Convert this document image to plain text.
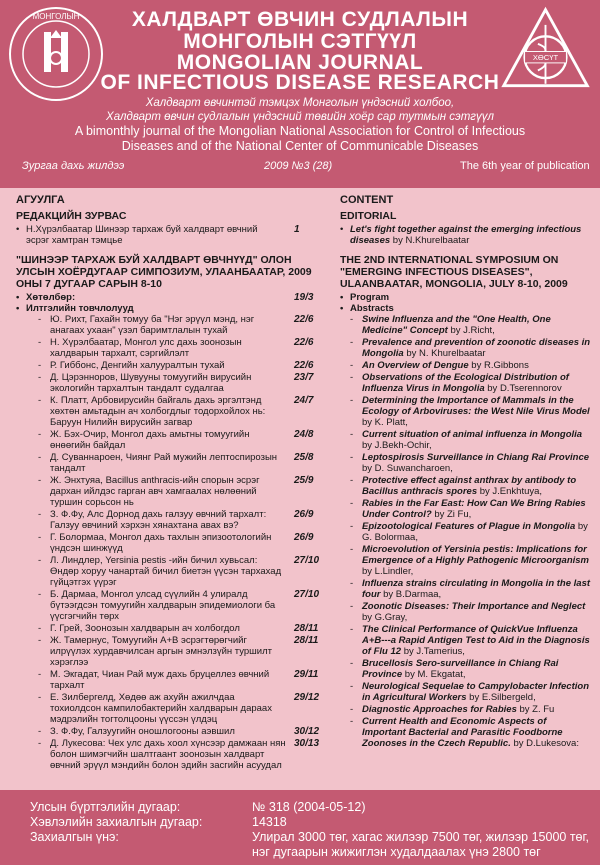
МОНГОЛЫН	ХАЛДВАРТ ӨВЧИН СУДЛАЛЫН
МОНГОЛЫН СЭТГҮҮЛ
MONGOLIAN JOURNAL
OF INFECTIOUS DISEASE RESEARCH
ХӨСҮТ
Халдварт өвчинтэй тэмцэх Монголын үндэсний холбоо,
Халдварт өвчин судлалын үндэсний төвийн хоёр сар тутмын сэтгүүл
A bimonthly journal of the Mongolian National Association for Control of Infectious
Diseases and of the National Center of Communicable Diseases
Зургаа дахь жилдээ	2009 №3 (28)	The 6th year of publication
АГУУЛГА
РЕДАКЦИЙН ЗУРВАС
• Н.Хүрэлбаатар Шинээр тархаж буй халдварт өвчний эсрэг хамтран тэмцье
1
"ШИНЭЭР ТАРХАЖ БУЙ ХАЛДВАРТ ӨВЧНҮҮД" ОЛОН УЛСЫН ХОЁРДУГААР СИМПОЗИУМ, УЛААНБААТАР, 2009 ОНЫ 7 ДУГААР САРЫН 8-10
• Хөтөлбөр:	19/3
• Илтгэлийн товчлолууд
- Ю. Рихт, Гахайн томуу ба "Нэг эрүүл мэнд, нэг анагаах ухаан" үзэл баримтлалын тухай
22/6
- Н. Хүрэлбаатар, Монгол улс дахь зоонозын халдварын тархалт, сэргийлэлт
22/6
- Р. Гиббонс, Денгийн халууралтын тухай	22/6
- Д. Цэрэнноров, Шувууны томуугийн вирусийн экологийн тархалтын тандалт судалгаа
23/7
- К. Платт, Арбовирусийн байгаль дахь эргэлтэнд хөхтөн амьтадын ач холбогдлыг тодорхойлох нь: Баруун Нилийн вирусийн загвар
24/7
- Ж. Бэх-Очир, Монгол дахь амьтны томуугийн өнөөгийн байдал
24/8
- Д. Суваннароен, Чиянг Рай мужийн лептоспирозын тандалт
25/8
- Ж. Энхтуяа, Bacillus anthracis-ийн спорын эсрэг дархан ийлдэс гарган авч хамгаалах нөлөөний туршин сорьсон нь
25/9
- З. Ф.Фу, Алс Дорнод дахь галзуу өвчний тархалт: Галзуу өвчиний хэрхэн хянахтана авах вэ?
26/9
- Г. Болормаа, Монгол дахь тахлын эпизоотологийн үндсэн шинжүүд
26/9
- Л. Линдлер, Yersinia pestis -ийн бичил хувьсал: Өндөр хоруу чанартай бичил биетэн үүсэн тархахад гүйцэтгэх үүрэг
27/10
- Б. Дармаа, Монгол улсад сүүлийн 4 улиралд бүтээгдсэн томуугийн халдварын эпидемиологи ба үүсгэгчийн төрх
27/10
- Г. Грей, Зоонозын халдварын ач холбогдол	28/11
- Ж. Тамернус, Томуугийн А+В эсрэгтөрөгчийг илрүүлэх хурдавчилсан аргын эмнэлзүйн туршилт хэрэглээ
28/11
- М. Экгадат, Чиан Рай муж дахь бруцеллез өвчний тархалт
29/11
- Е. Зилбергелд, Хөдөө аж ахуйн ажилчдаа тохиолдсон кампилобактерийн халдварын дараах мэдрэлийн тогтолцооны үүссэн үлдэц
29/12
- З. Ф.Фу, Галзуугийн оношлогооны аэвшил	30/12
- Д. Лукесова: Чех улс дахь хоол хүнсээр дамжаан нян болон шимэгчийн шалтгаант зоонозын халдварт өвчний эрүүл мэндийн болон эдийн засгийн асуудал
30/13
CONTENT
EDITORIAL
• Let's fight together against the emerging infectious diseases by N.Khurelbaatar
THE 2ND INTERNATIONAL SYMPOSIUM ON "EMERGING INFECTIOUS DISEASES", ULAANBAATAR, MONGOLIA, JULY 8-10, 2009
• Program
• Abstracts
- Swine Influenza and the "One Health, One Medicine" Concept by J.Richt,
- Prevalence and prevention of zoonotic diseases in Mongolia by N. Khurelbaatar
- An Overview of Dengue by R.Gibbons
- Observations of the Ecological Distribution of Influenza Virus in Mongolia by D.Tserennorov
- Determining the Importance of Mammals in the Ecology of Arboviruses: the West Nile Virus Model by K. Platt,
- Current situation of animal influenza in Mongolia by J.Bekh-Ochir,
- Leptospirosis Surveillance in Chiang Rai Province by D. Suwancharoen,
- Protective effect against anthrax by antibody to Bacillus anthracis spores by J.Enkhtuya,
- Rabies in the Far East: How Can We Bring Rabies Under Control? by Zi Fu,
- Epizootological Features of Plague in Mongolia by G. Bolormaa,
- Microevolution of Yersinia pestis: Implications for Emergence of a Highly Pathogenic Microorganism by L.Lindler,
- Influenza strains circulating in Mongolia in the last four by B.Darmaa,
- Zoonotic Diseases: Their Importance and Neglect by G.Gray,
- The Clinical Performance of QuickVue Influenza A+B---a Rapid Antigen Test to Aid in the Diagnosis of Flu 12 by J.Tamerius,
- Brucellosis Sero-surveillance in Chiang Rai Province by M. Ekgatat,
- Neurological Sequelae to Campylobacter Infection in Agricultural Workers by E.Silbergeld,
- Diagnostic Approaches for Rabies by Z. Fu
- Current Health and Economic Aspects of Important Bacterial and Parasitic Foodborne Zoonoses in the Czech Republic. by D.Lukesova:
Улсын бүртгэлийн дугаар:	№ 318 (2004-05-12)
Хэвлэлийн захиалгын дугаар:	14318
Захиалгын үнэ:	Улирал 3000 төг, хагас жилээр 7500 төг, жилээр 15000 төг,
нэг дугаарын жижиглэн худалдаалах үнэ 2800 төг
